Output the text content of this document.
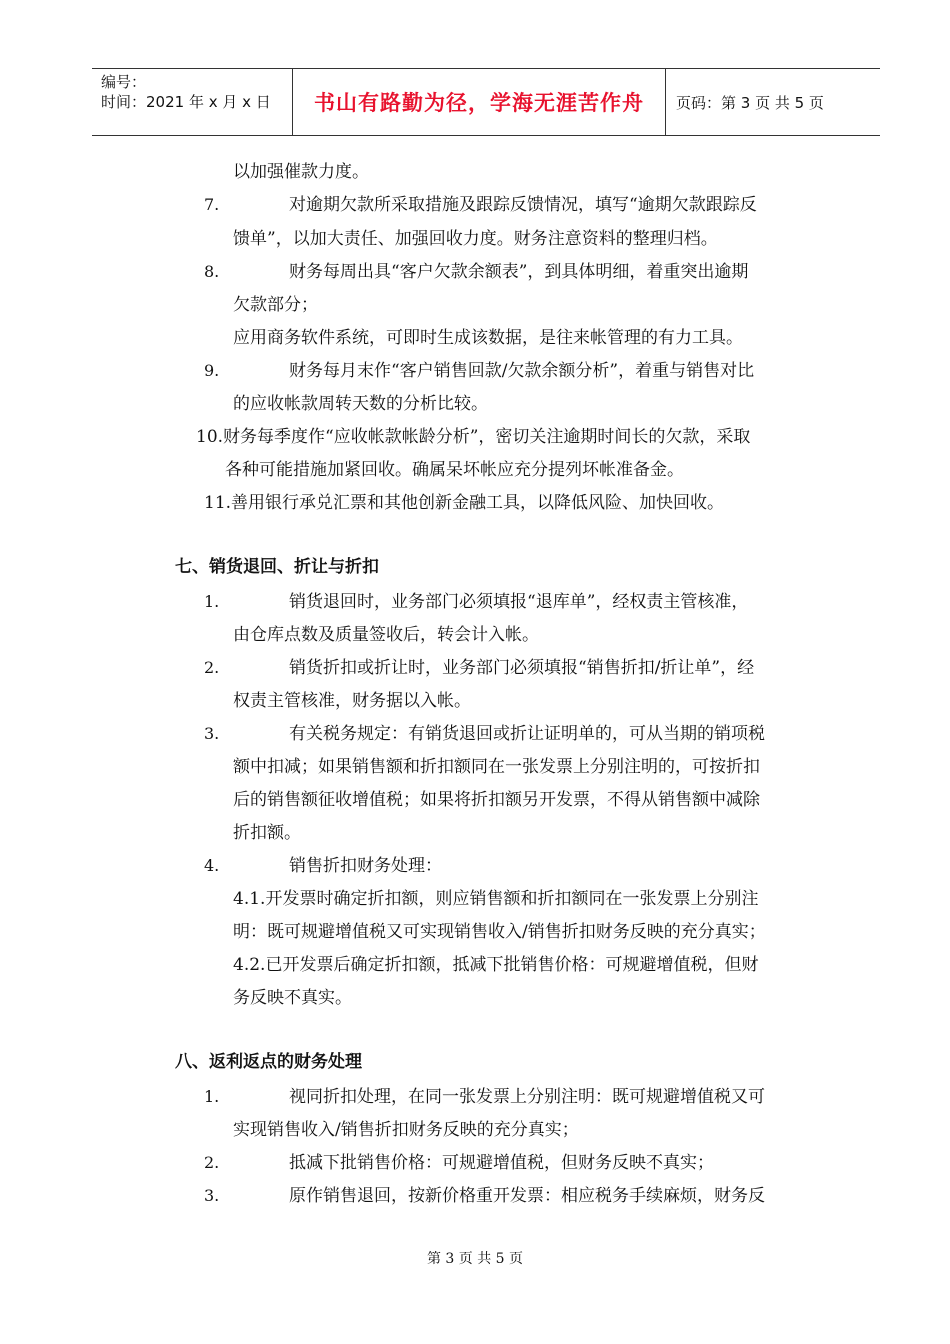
编号：
时间：2021 年 x 月 x 日 书山有路勤为径，学海无涯苦作舟 页码：第 3 页 共 5 页
以加强催款力度。
7.	对逾期欠款所采取措施及跟踪反馈情况，填写“逾期欠款跟踪反
馈单”，以加大责任、加强回收力度。财务注意资料的整理归档。
8.	财务每周出具“客户欠款余额表”，到具体明细，着重突出逾期
欠款部分；
应用商务软件系统，可即时生成该数据，是往来帐管理的有力工具。
9.	财务每月末作“客户销售回款/欠款余额分析”，着重与销售对比
的应收帐款周转天数的分析比较。
10.财务每季度作“应收帐款帐龄分析”，密切关注逾期时间长的欠款，采取
各种可能措施加紧回收。确属呆坏帐应充分提列坏帐准备金。
11.善用银行承兑汇票和其他创新金融工具，以降低风险、加快回收。
七、销货退回、折让与折扣
1.	销货退回时，业务部门必须填报“退库单”，经权责主管核准，
由仓库点数及质量签收后，转会计入帐。
2.	销货折扣或折让时，业务部门必须填报“销售折扣/折让单”，经
权责主管核准，财务据以入帐。
3.	有关税务规定：有销货退回或折让证明单的，可从当期的销项税
额中扣减；如果销售额和折扣额同在一张发票上分别注明的，可按折扣
后的销售额征收增值税；如果将折扣额另开发票，不得从销售额中减除
折扣额。
4.	销售折扣财务处理：
4.1.开发票时确定折扣额，则应销售额和折扣额同在一张发票上分别注
明：既可规避增值税又可实现销售收入/销售折扣财务反映的充分真实；
4.2.已开发票后确定折扣额，抵减下批销售价格：可规避增值税，但财
务反映不真实。
八、返利返点的财务处理
1.	视同折扣处理，在同一张发票上分别注明：既可规避增值税又可
实现销售收入/销售折扣财务反映的充分真实；
2.	抵减下批销售价格：可规避增值税，但财务反映不真实；
3.	原作销售退回，按新价格重开发票：相应税务手续麻烦，财务反
第 3 页 共 5 页
